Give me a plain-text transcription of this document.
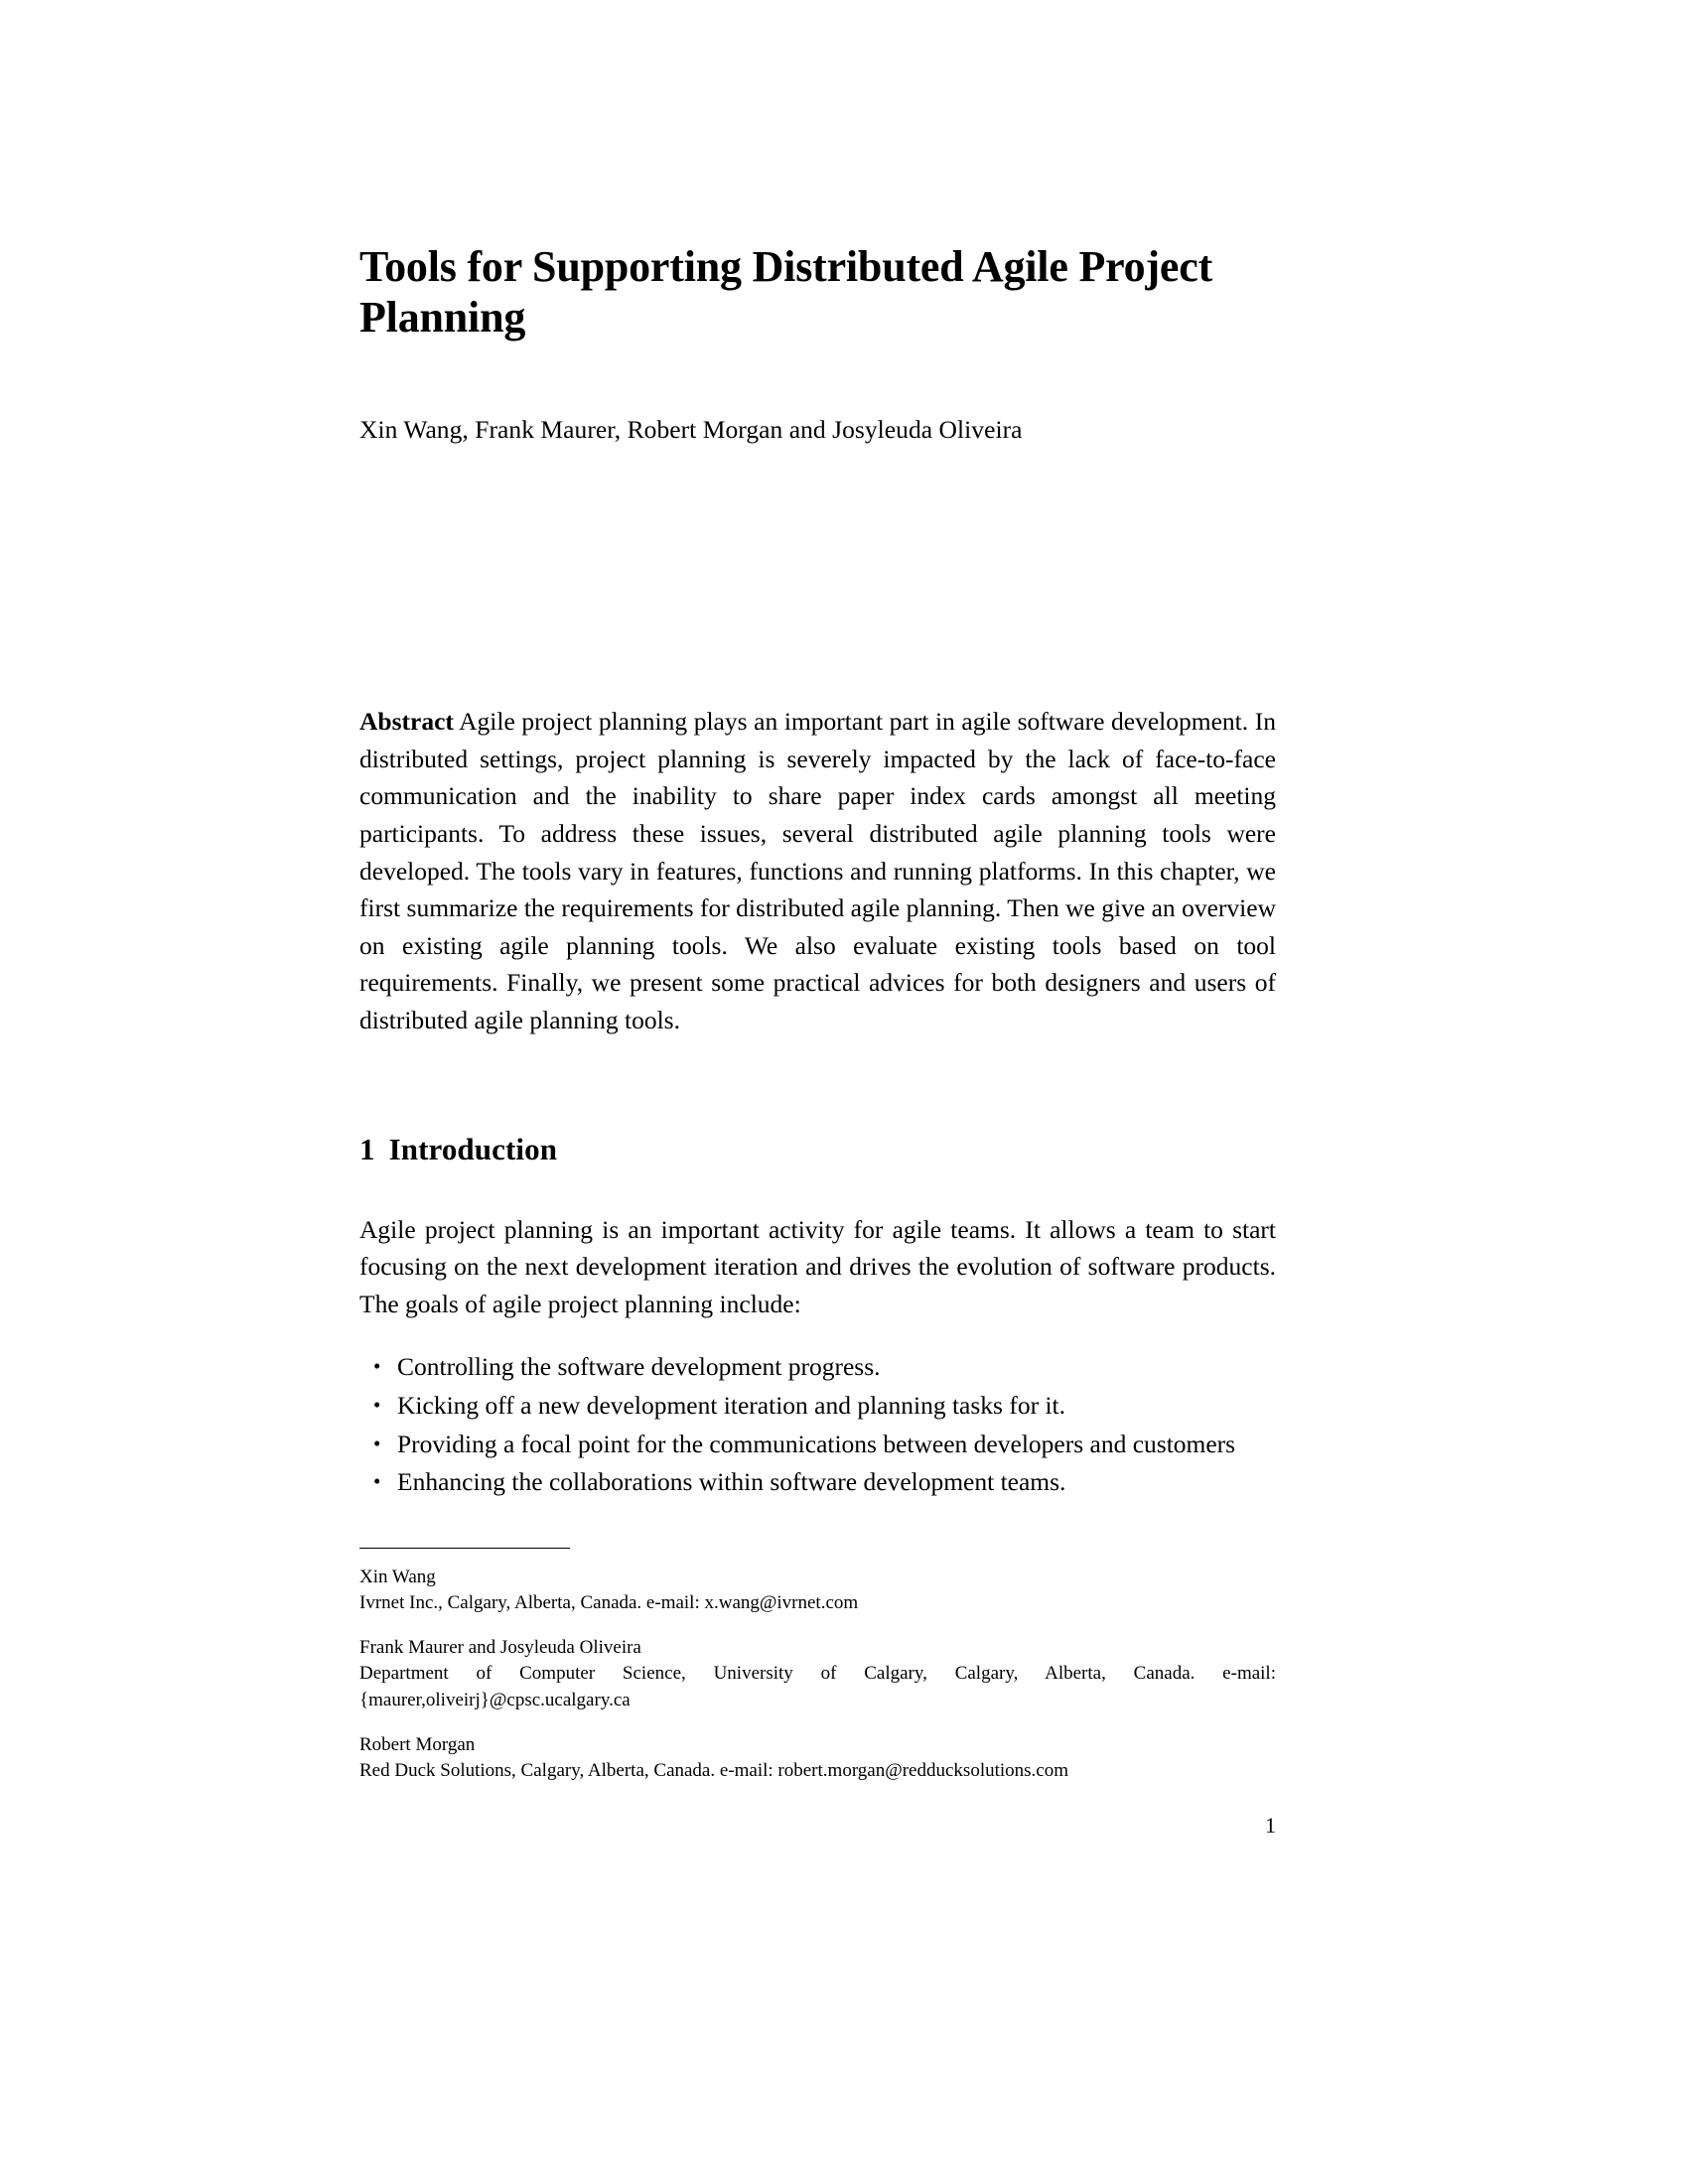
Tools for Supporting Distributed Agile Project Planning

Xin Wang, Frank Maurer, Robert Morgan and Josyleuda Oliveira

Abstract Agile project planning plays an important part in agile software development. In distributed settings, project planning is severely impacted by the lack of face-to-face communication and the inability to share paper index cards amongst all meeting participants. To address these issues, several distributed agile planning tools were developed. The tools vary in features, functions and running platforms. In this chapter, we first summarize the requirements for distributed agile planning. Then we give an overview on existing agile planning tools. We also evaluate existing tools based on tool requirements. Finally, we present some practical advices for both designers and users of distributed agile planning tools.

1 Introduction

Agile project planning is an important activity for agile teams. It allows a team to start focusing on the next development iteration and drives the evolution of software products. The goals of agile project planning include:

• Controlling the software development progress.
• Kicking off a new development iteration and planning tasks for it.
• Providing a focal point for the communications between developers and customers
• Enhancing the collaborations within software development teams.

Xin Wang

Ivrnet Inc., Calgary, Alberta, Canada. e-mail: x.wang@ivrnet.com

Frank Maurer and Josyleuda Oliveira

Department of Computer Science, University of Calgary, Calgary, Alberta, Canada. e-mail: {maurer,oliveirj}@cpsc.ucalgary.ca

Robert Morgan

Red Duck Solutions, Calgary, Alberta, Canada. e-mail: robert.morgan@redducksolutions.com

1
